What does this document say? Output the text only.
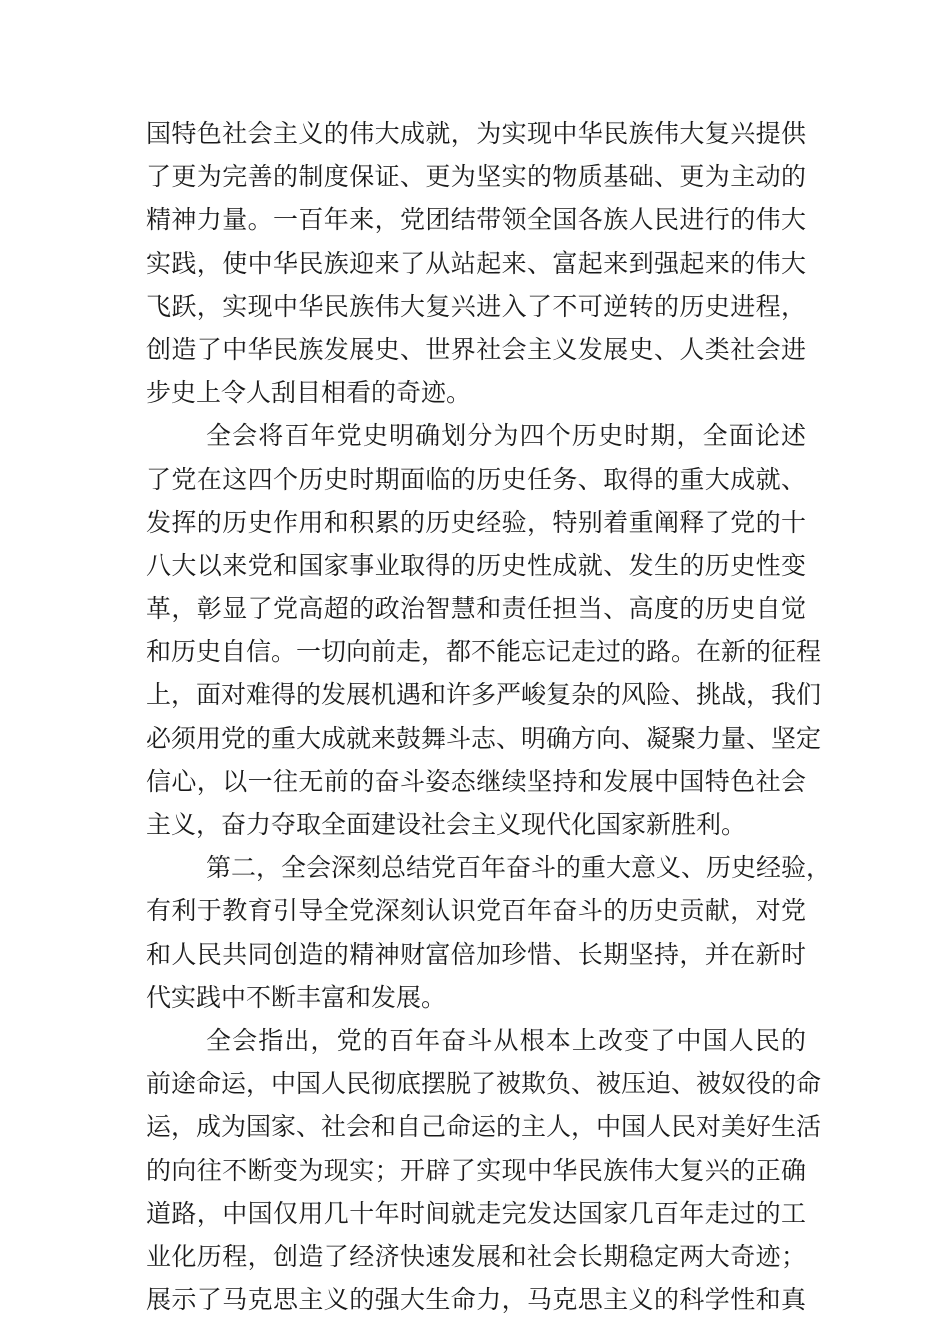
国特色社会主义的伟大成就，为实现中华民族伟大复兴提供
了更为完善的制度保证、更为坚实的物质基础、更为主动的
精神力量。一百年来，党团结带领全国各族人民进行的伟大
实践，使中华民族迎来了从站起来、富起来到强起来的伟大
飞跃，实现中华民族伟大复兴进入了不可逆转的历史进程，
创造了中华民族发展史、世界社会主义发展史、人类社会进
步史上令人刮目相看的奇迹。
全会将百年党史明确划分为四个历史时期，全面论述
了党在这四个历史时期面临的历史任务、取得的重大成就、
发挥的历史作用和积累的历史经验，特别着重阐释了党的十
八大以来党和国家事业取得的历史性成就、发生的历史性变
革，彰显了党高超的政治智慧和责任担当、高度的历史自觉
和历史自信。一切向前走，都不能忘记走过的路。在新的征程
上，面对难得的发展机遇和许多严峻复杂的风险、挑战，我们
必须用党的重大成就来鼓舞斗志、明确方向、凝聚力量、坚定
信心，以一往无前的奋斗姿态继续坚持和发展中国特色社会
主义，奋力夺取全面建设社会主义现代化国家新胜利。
第二，全会深刻总结党百年奋斗的重大意义、历史经验，
有利于教育引导全党深刻认识党百年奋斗的历史贡献，对党
和人民共同创造的精神财富倍加珍惜、长期坚持，并在新时
代实践中不断丰富和发展。
全会指出，党的百年奋斗从根本上改变了中国人民的
前途命运，中国人民彻底摆脱了被欺负、被压迫、被奴役的命
运，成为国家、社会和自己命运的主人，中国人民对美好生活
的向往不断变为现实；开辟了实现中华民族伟大复兴的正确
道路，中国仅用几十年时间就走完发达国家几百年走过的工
业化历程，创造了经济快速发展和社会长期稳定两大奇迹；
展示了马克思主义的强大生命力，马克思主义的科学性和真
